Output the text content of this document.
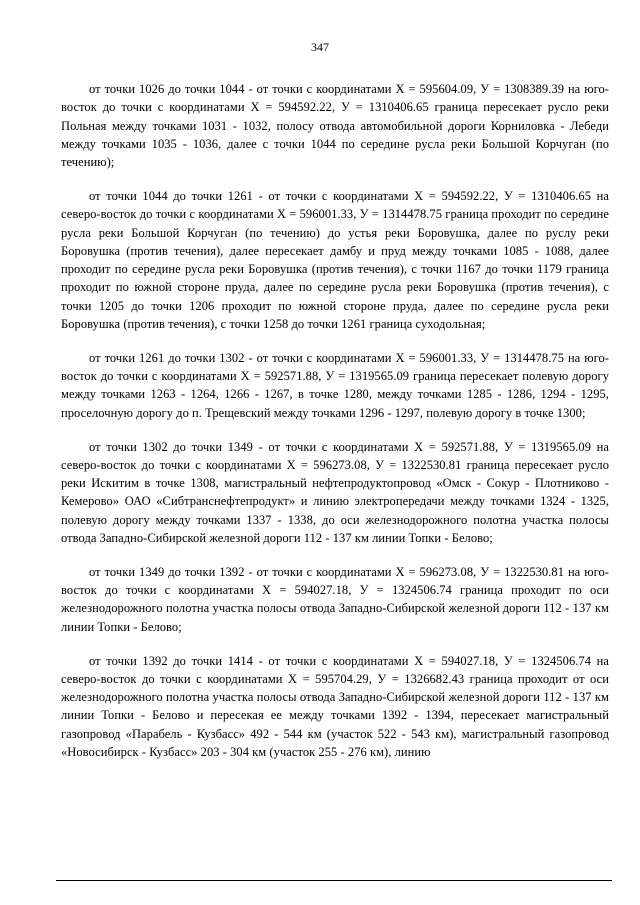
347

от точки 1026 до точки 1044 - от точки с координатами X = 595604.09, У = 1308389.39 на юго-восток до точки с координатами X = 594592.22, У = 1310406.65 граница пересекает русло реки Польная между точками 1031 - 1032, полосу отвода автомобильной дороги Корниловка - Лебеди между точками 1035 - 1036, далее с точки 1044 по середине русла реки Большой Корчуган (по течению);

от точки 1044 до точки 1261 - от точки с координатами X = 594592.22, У = 1310406.65 на северо-восток до точки с координатами X = 596001.33, У = 1314478.75 граница проходит по середине русла реки Большой Корчуган (по течению) до устья реки Боровушка, далее по руслу реки Боровушка (против течения), далее пересекает дамбу и пруд между точками 1085 - 1088, далее проходит по середине русла реки Боровушка (против течения), с точки 1167 до точки 1179 граница проходит по южной стороне пруда, далее по середине русла реки Боровушка (против течения), с точки 1205 до точки 1206 проходит по южной стороне пруда, далее по середине русла реки Боровушка (против течения), с точки 1258 до точки 1261 граница суходольная;

от точки 1261 до точки 1302 - от точки с координатами X = 596001.33, У = 1314478.75 на юго-восток до точки с координатами X = 592571.88, У = 1319565.09 граница пересекает полевую дорогу между точками 1263 - 1264, 1266 - 1267, в точке 1280, между точками 1285 - 1286, 1294 - 1295, проселочную дорогу до п. Трещевский между точками 1296 - 1297, полевую дорогу в точке 1300;

от точки 1302 до точки 1349 - от точки с координатами X = 592571.88, У = 1319565.09 на северо-восток до точки с координатами X = 596273.08, У = 1322530.81 граница пересекает русло реки Искитим в точке 1308, магистральный нефтепродуктопровод «Омск - Сокур - Плотниково - Кемерово» ОАО «Сибтранснефтепродукт» и линию электропередачи между точками 1324 - 1325, полевую дорогу между точками 1337 - 1338, до оси железнодорожного полотна участка полосы отвода Западно-Сибирской железной дороги 112 - 137 км линии Топки - Белово;

от точки 1349 до точки 1392 - от точки с координатами X = 596273.08, У = 1322530.81 на юго-восток до точки с координатами X = 594027.18, У = 1324506.74 граница проходит по оси железнодорожного полотна участка полосы отвода Западно-Сибирской железной дороги 112 - 137 км линии Топки - Белово;

от точки 1392 до точки 1414 - от точки с координатами X = 594027.18, У = 1324506.74 на северо-восток до точки с координатами X = 595704.29, У = 1326682.43 граница проходит от оси железнодорожного полотна участка полосы отвода Западно-Сибирской железной дороги 112 - 137 км линии Топки - Белово и пересекая ее между точками 1392 - 1394, пересекает магистральный газопровод «Парабель - Кузбасс» 492 - 544 км (участок 522 - 543 км), магистральный газопровод «Новосибирск - Кузбасс» 203 - 304 км (участок 255 - 276 км), линию
